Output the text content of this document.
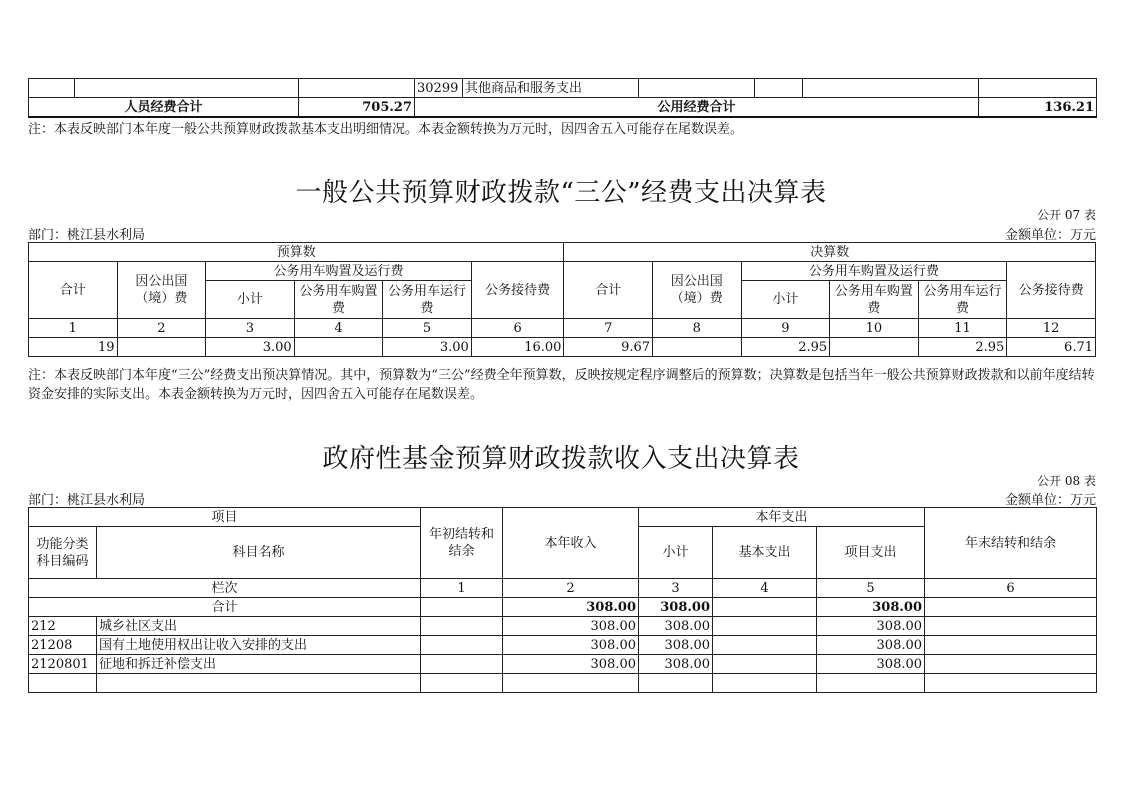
			30299	其他商品和服务支出				
人员经费合计		705.27	公用经费合计					136.21
注：本表反映部门本年度一般公共预算财政拨款基本支出明细情况。本表金额转换为万元时，因四舍五入可能存在尾数误差。
一般公共预算财政拨款“三公”经费支出决算表
公开 07 表
部门：桃江县水利局	金额单位：万元
预算数						决算数					
合计	因公出国（境）费	公务用车购置及运行费			公务接待费	合计	因公出国（境）费	公务用车购置及运行费			公务接待费
		小计	公务用车购置费	公务用车运行费				小计	公务用车购置费	公务用车运行费	
1	2	3	4	5	6	7	8	9	10	11	12
19		3.00		3.00	16.00	9.67		2.95		2.95	6.71
注：本表反映部门本年度“三公”经费支出预决算情况。其中，预算数为“三公”经费全年预算数，反映按规定程序调整后的预算数；决算数是包括当年一般公共预算财政拨款和以前年度结转资金安排的实际支出。本表金额转换为万元时，因四舍五入可能存在尾数误差。
政府性基金预算财政拨款收入支出决算表
公开 08 表
部门：桃江县水利局	金额单位：万元
项目		年初结转和结余	本年收入	本年支出			年末结转和结余
功能分类科目编码	科目名称			小计	基本支出	项目支出	
栏次		1	2	3	4	5	6
合计			308.00	308.00		308.00	
212	城乡社区支出		308.00	308.00		308.00	
21208	国有土地使用权出让收入安排的支出		308.00	308.00		308.00	
2120801	征地和拆迁补偿支出		308.00	308.00		308.00	
